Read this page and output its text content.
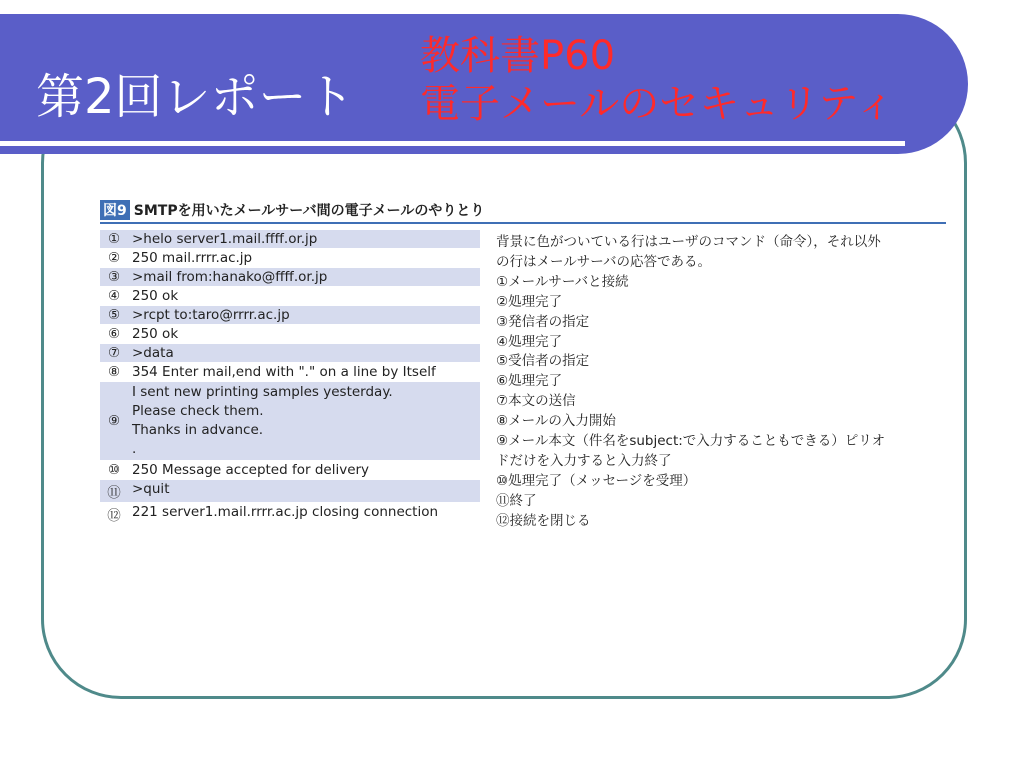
第2回レポート
教科書P60
電子メールのセキュリティ
図9 SMTPを用いたメールサーバ間の電子メールのやりとり
①	>helo server1.mail.ffff.or.jp
②	250 mail.rrrr.ac.jp
③	>mail from:hanako@ffff.or.jp
④	250 ok
⑤	>rcpt to:taro@rrrr.ac.jp
⑥	250 ok
⑦	>data
⑧	354 Enter mail,end with "." on a line by Itself
⑨	I sent new printing samples yesterday.
Please check them.
Thanks in advance.
.

⑩	250 Message accepted for delivery
⑪	>quit
⑫	221 server1.mail.rrrr.ac.jp closing connection
背景に色がついている行はユーザのコマンド（命令），それ以外
の行はメールサーバの応答である。
①メールサーバと接続
②処理完了
③発信者の指定
④処理完了
⑤受信者の指定
⑥処理完了
⑦本文の送信
⑧メールの入力開始
⑨メール本文（件名をsubject:で入力することもできる）ピリオ
ドだけを入力すると入力終了
⑩処理完了（メッセージを受理）
⑪終了
⑫接続を閉じる
